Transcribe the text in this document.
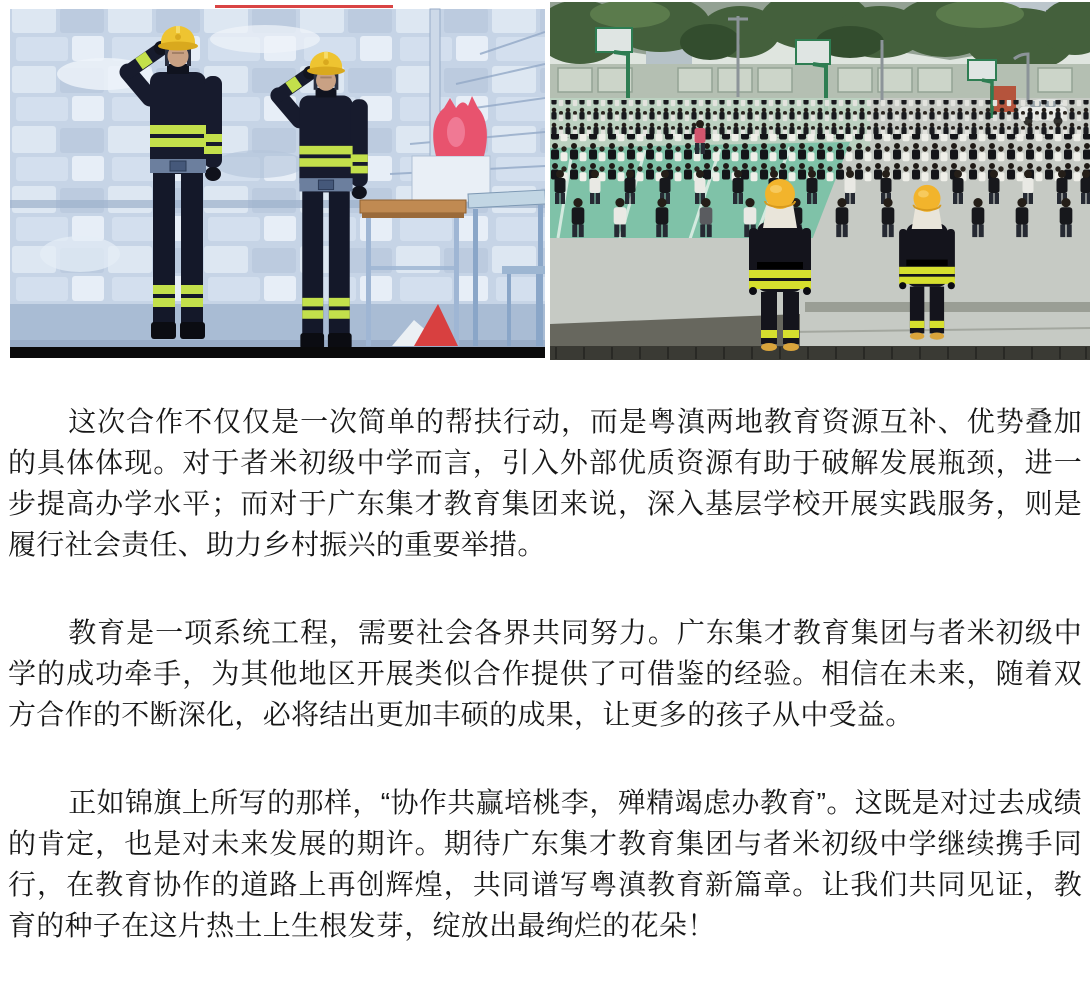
这次合作不仅仅是一次简单的帮扶行动，而是粤滇两地教育资源互补、优势叠加的具体体现。对于者米初级中学而言，引入外部优质资源有助于破解发展瓶颈，进一步提高办学水平；而对于广东集才教育集团来说，深入基层学校开展实践服务，则是履行社会责任、助力乡村振兴的重要举措。

教育是一项系统工程，需要社会各界共同努力。广东集才教育集团与者米初级中学的成功牵手，为其他地区开展类似合作提供了可借鉴的经验。相信在未来，随着双方合作的不断深化，必将结出更加丰硕的成果，让更多的孩子从中受益。

正如锦旗上所写的那样，“协作共赢培桃李，殚精竭虑办教育”。这既是对过去成绩的肯定，也是对未来发展的期许。期待广东集才教育集团与者米初级中学继续携手同行，在教育协作的道路上再创辉煌，共同谱写粤滇教育新篇章。让我们共同见证，教育的种子在这片热土上生根发芽，绽放出最绚烂的花朵！
